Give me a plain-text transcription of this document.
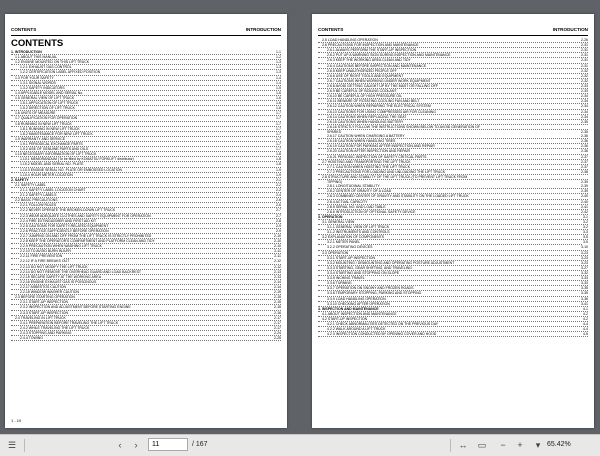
CONTENTS	INTRODUCTION
CONTENTS
1. INTRODUCTION	1-1
1.1 ABOUT THIS MANUAL	1-2
1.2 ENGINE MOUNTED ON THIS LIFT TRUCK	1-3
1.2.1 EXHAUST GAS CONTROL	1-3
1.2.2 CERTIFICATION LABEL AFFIXED POSITION	1-3
1.3 FOR YOUR SAFETY	1-4
1.3.1 SIGNAL WORDS	1-4
1.3.2 SAFETY INDICATORS	1-5
1.4 APPLICABLE MODEL AND SERIAL No.	1-6
1.5 GENERAL VIEW OF LIFT TRUCK	1-6
1.5.1 APPLICATION OF LIFT TRUCK	1-6
1.5.2 DIRECTION OF LIFT TRUCK	1-6
1.6 UNITS OF MEASURE	1-7
1.7 QUALIFICATION FOR OPERATION	1-7
1.8 RUNNING IN NEW LIFT TRUCK	1-7
1.8.1 RUNNING IN NEW LIFT TRUCK	1-7
1.8.2 MAINTENANCE FOR NEW LIFT TRUCK	1-7
1.9 WARRANTY AND SERVICE	1-7
1.9.1 PERIODICAL EXCHANGE PARTS	1-7
1.9.2 USE OF GENUINE PARTS AND OILS	1-7
1.10 NECESSARY INFORMATION OF LIFT TRUCK	1-8
1.10.1 MEMORANDUM (To be filled by KOMATSU FORKLIFT distributor)	1-8
1.10.2 MODEL AND SERIAL NO. PLATE	1-8
1.10.3 ENGINE SERIAL NO. PLATE OR EMBOSSED LOCATION	1-9
1.10.4 HOUR METER LOCATION	1-9
2. SAFETY	2-1
2.1 SAFETY LABEL	2-2
2.1.1 SAFETY LABEL LOCATION CHART	2-2
2.1.2 SAFETY LABELS	2-4
2.2 BASIC PRECAUTIONS	2-6
2.2.1 FOLLOW RULES	2-6
2.2.2 NEVER OPERATE THE BROKEN-DOWN LIFT TRUCK	2-7
2.2.3 WEAR ADEQUATE CLOTHES AND SAFETY EQUIPMENT FOR OPERATION	2-7
2.2.4 FIRE EXTINGUISHER AND FIRST AID KIT	2-8
2.2.5 CAUTIONS FOR SAFETY-RELATED EQUIPMENT	2-9
2.2.6 PRACTICE SUFFICIENTLY BEFORE OPERATION	2-9
2.2.7 JUMPING ON AND OFF FROM THE LIFT TRUCK IS STRICTLY PROHIBITED	2-10
2.2.8 KEEP THE OPERATOR'S COMPARTMENT AND PLATFORM CLEAN AND TIDY	2-10
2.2.9 PRECAUTION WHEN WASHING LIFT TRUCK	2-10
2.2.10 TO AVOID BURN INJURY	2-11
2.2.11 FIRE PREVENTION	2-11
2.2.12 IF A FIRE BREAKS OUT	2-12
2.2.13 DO NOT MODIFY THE LIFT TRUCK	2-12
2.2.14 DO NOT REMOVE THE OVERHEAD GUARD AND LOAD BACKREST	2-13
2.2.15 SECURE SAFETY AT THE WORKING AREA	2-13
2.2.16 ENGINE EXHAUST GAS IS POISONOUS	2-14
2.2.17 ASBESTOS CAUTION	2-14
2.2.18 WINDOW WASHER CAUTION	2-15
2.3 BEFORE STARTING OPERATION	2-15
2.3.1 START-UP INSPECTION	2-15
2.3.2 INSPECTION AND ADJUSTMENT BEFORE STARTING ENGINE	2-15
2.3.3 START-UP INSPECTION	2-16
2.4 TRAVELING IN LIFT TRUCK	2-17
2.4.1 PREPARATION BEFORE TRAVELING THE LIFT TRUCK	2-17
2.4.2 WHILE TRAVELING THE LIFT TRUCK	2-17
2.4.3 STOPPING AND PARKING	2-24
2.4.4 TOWING	2-25
1 - 10
CONTENTS	INTRODUCTION
2.5 LOAD HANDLING OPERATION	2-26
2.6 PRECAUTIONS FOR INSPECTION AND MAINTENANCE	2-31
2.6.1 ALWAYS PERFORM THE START-UP INSPECTION	2-31
2.6.2 PUT UP A WARNING SIGN DURING INSPECTION AND MAINTENANCE	2-31
2.6.3 KEEP THE WORKING AREA CLEAN AND TIDY	2-31
2.6.4 CAUTIONS BEFORE INSPECTION AND MAINTENANCE	2-31
2.6.5 KEEP UNAUTHORIZED PEOPLE OFF	2-32
2.6.6 USE OF RIGHT TOOLS AND EQUIPMENT	2-32
2.6.7 CAUTIONS WHEN WORKING UNDER WORK EQUIPMENT	2-32
2.6.8 AVOID GETTING CAUGHT UP BY THE MAST OR FALLING OFF	2-33
2.6.9 BE CAREFUL OF BOILING COOLANT	2-33
2.6.10 BE CAREFUL OF HIGH PRESSURE OIL	2-34
2.6.11 BEWARE OF ROTATING COOLING FAN AND BELT	2-34
2.6.12 CAUTION WHEN REPAIRING THE ELECTRICAL SYSTEM	2-34
2.6.13 CAUTIONS FOR USING COMPRESSED AIR FOR CLEANING	2-34
2.6.14 CAUTIONS WHEN REPLACING THE SEAT	2-34
2.6.15 CAUTIONS WHEN HANDLING BATTERY	2-35
2.6.16 STRICTLY FOLLOW THE INSTRUCTIONS SHOWN BELOW TO AVOID GENERATION OF
SPARKS	2-35
2.6.17 CAUTION WHEN CHARGING A BATTERY	2-36
2.6.18 CAUTION WHEN HANDLING TIRES	2-36
2.6.19 CAUTION FOR PARKING AFTER INSPECTION AND REPAIR	2-36
2.6.20 CAUTION AFTER INSPECTION AND REPAIR	2-36
2.6.21 PERIODIC INSPECTION OF SAFETY CRITICAL PARTS	2-37
2.7 HOISTING AND TRANSPORTING THE LIFT TRUCK	2-37
2.7.1 CAUTION WHEN HOISTING THE LIFT TRUCK	2-37
2.7.2 PRECAUTIONS FOR LOADING AND UNLOADING THE LIFT TRUCK	2-38
2.8 STRUCTURE AND STABILITY OF THE LIFT TRUCK (TO PREVENT LIFT TRUCK FROM
TIPPING)	2-39
2.8.1 LONGITUDINAL STABILITY	2-39
2.8.2 CENTER OF GRAVITY OF A LOAD	2-39
2.8.3 COMBINED CENTER OF GRAVITY AND STABILITY ON THE LOADED LIFT TRUCK	2-40
2.8.4 ACTUAL CAPACITY	2-40
2.8.5 SERIAL NO. AND LOAD TABLE	2-41
2.8.6 INTRODUCTION OF OPTIONAL SAFETY DEVICE	2-42
3. OPERATION	3-1
3.1 GENERAL VIEW	3-2
3.1.1 GENERAL VIEW OF LIFT TRUCK	3-2
3.1.2 INSTRUMENTS AND CONTROLS	3-3
3.2 EXPLANATION OF COMPONENTS	3-5
3.2.1 METER PANEL	3-5
3.2.2 OPERATING DEVICES	3-10
3.3 OPERATION	3-23
3.3.1 START-UP INSPECTION	3-23
3.3.2 MOUNTING / DISMOUNTING AND OPERATING POSTURE ADJUSTMENT	3-23
3.3.3 STARTING, GEAR SHIFTING, AND TRAVELING	3-27
3.3.4 STARTING AND STOPPING ON SLOPE	3-32
3.3.5 INCHING TRAVEL	3-33
3.3.6 TURNING	3-33
3.3.7 OPERATION ON SNOWY AND FROZEN ROADS	3-35
3.3.8 TEMPORARY STOPPING, PARKING AND STOPPING	3-35
3.3.9 LOAD HANDLING OPERATION	3-36
3.3.10 CHECKING AFTER OPERATION	3-41
4. INSPECTION AND MAINTENANCE	4-1
4.1 ABOUT INSPECTION AND MAINTENANCE	4-2
4.2 START-UP INSPECTION	4-2
4.2.1 CHECK ABNORMALITIES DETECTED ON THE PREVIOUS DAY	4-4
4.2.2 WALK AROUND A LIFT TRUCK	4-4
4.2.3 INSPECTION CONDUCTED BY OPENING COVER AND HOOD	4-5
☰	‹	›
11	/ 167	↔	▭	−	+	▾ 65.42%
